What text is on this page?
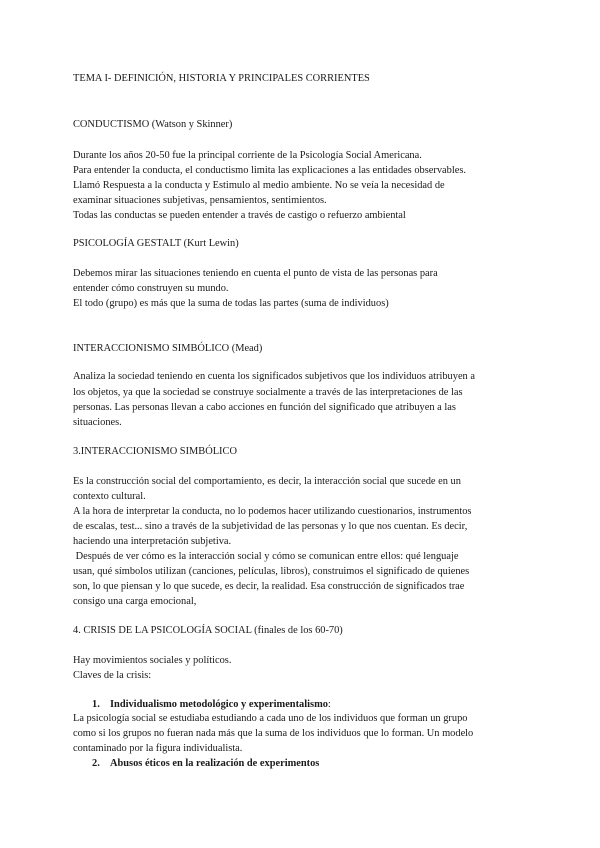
TEMA I- DEFINICIÓN, HISTORIA Y PRINCIPALES CORRIENTES
CONDUCTISMO (Watson y Skinner)
Durante los años 20-50 fue la principal corriente de la Psicología Social Americana.
Para entender la conducta, el conductismo limita las explicaciones a las entidades observables.
Llamó Respuesta a la conducta y Estimulo al medio ambiente. No se veía la necesidad de
examinar situaciones subjetivas, pensamientos, sentimientos.
Todas las conductas se pueden entender a través de castigo o refuerzo ambiental
PSICOLOGÍA GESTALT (Kurt Lewin)
Debemos mirar las situaciones teniendo en cuenta el punto de vista de las personas para
entender cómo construyen su mundo.
El todo (grupo) es más que la suma de todas las partes (suma de individuos)
INTERACCIONISMO SIMBÓLICO (Mead)
Analiza la sociedad teniendo en cuenta los significados subjetivos que los individuos atribuyen a
los objetos, ya que la sociedad se construye socialmente a través de las interpretaciones de las
personas. Las personas llevan a cabo acciones en función del significado que atribuyen a las
situaciones.
3.INTERACCIONISMO SIMBÓLICO
Es la construcción social del comportamiento, es decir, la interacción social que sucede en un
contexto cultural.
A la hora de interpretar la conducta, no lo podemos hacer utilizando cuestionarios, instrumentos
de escalas, test... sino a través de la subjetividad de las personas y lo que nos cuentan. Es decir,
haciendo una interpretación subjetiva.
Después de ver cómo es la interacción social y cómo se comunican entre ellos: qué lenguaje
usan, qué símbolos utilizan (canciones, películas, libros), construimos el significado de quienes
son, lo que piensan y lo que sucede, es decir, la realidad. Esa construcción de significados trae
consigo una carga emocional,
4. CRISIS DE LA PSICOLOGÍA SOCIAL (finales de los 60-70)
Hay movimientos sociales y políticos.
Claves de la crisis:
1. Individualismo metodológico y experimentalismo:
La psicología social se estudiaba estudiando a cada uno de los individuos que forman un grupo
como si los grupos no fueran nada más que la suma de los individuos que lo forman. Un modelo
contaminado por la figura individualista.
2. Abusos éticos en la realización de experimentos
